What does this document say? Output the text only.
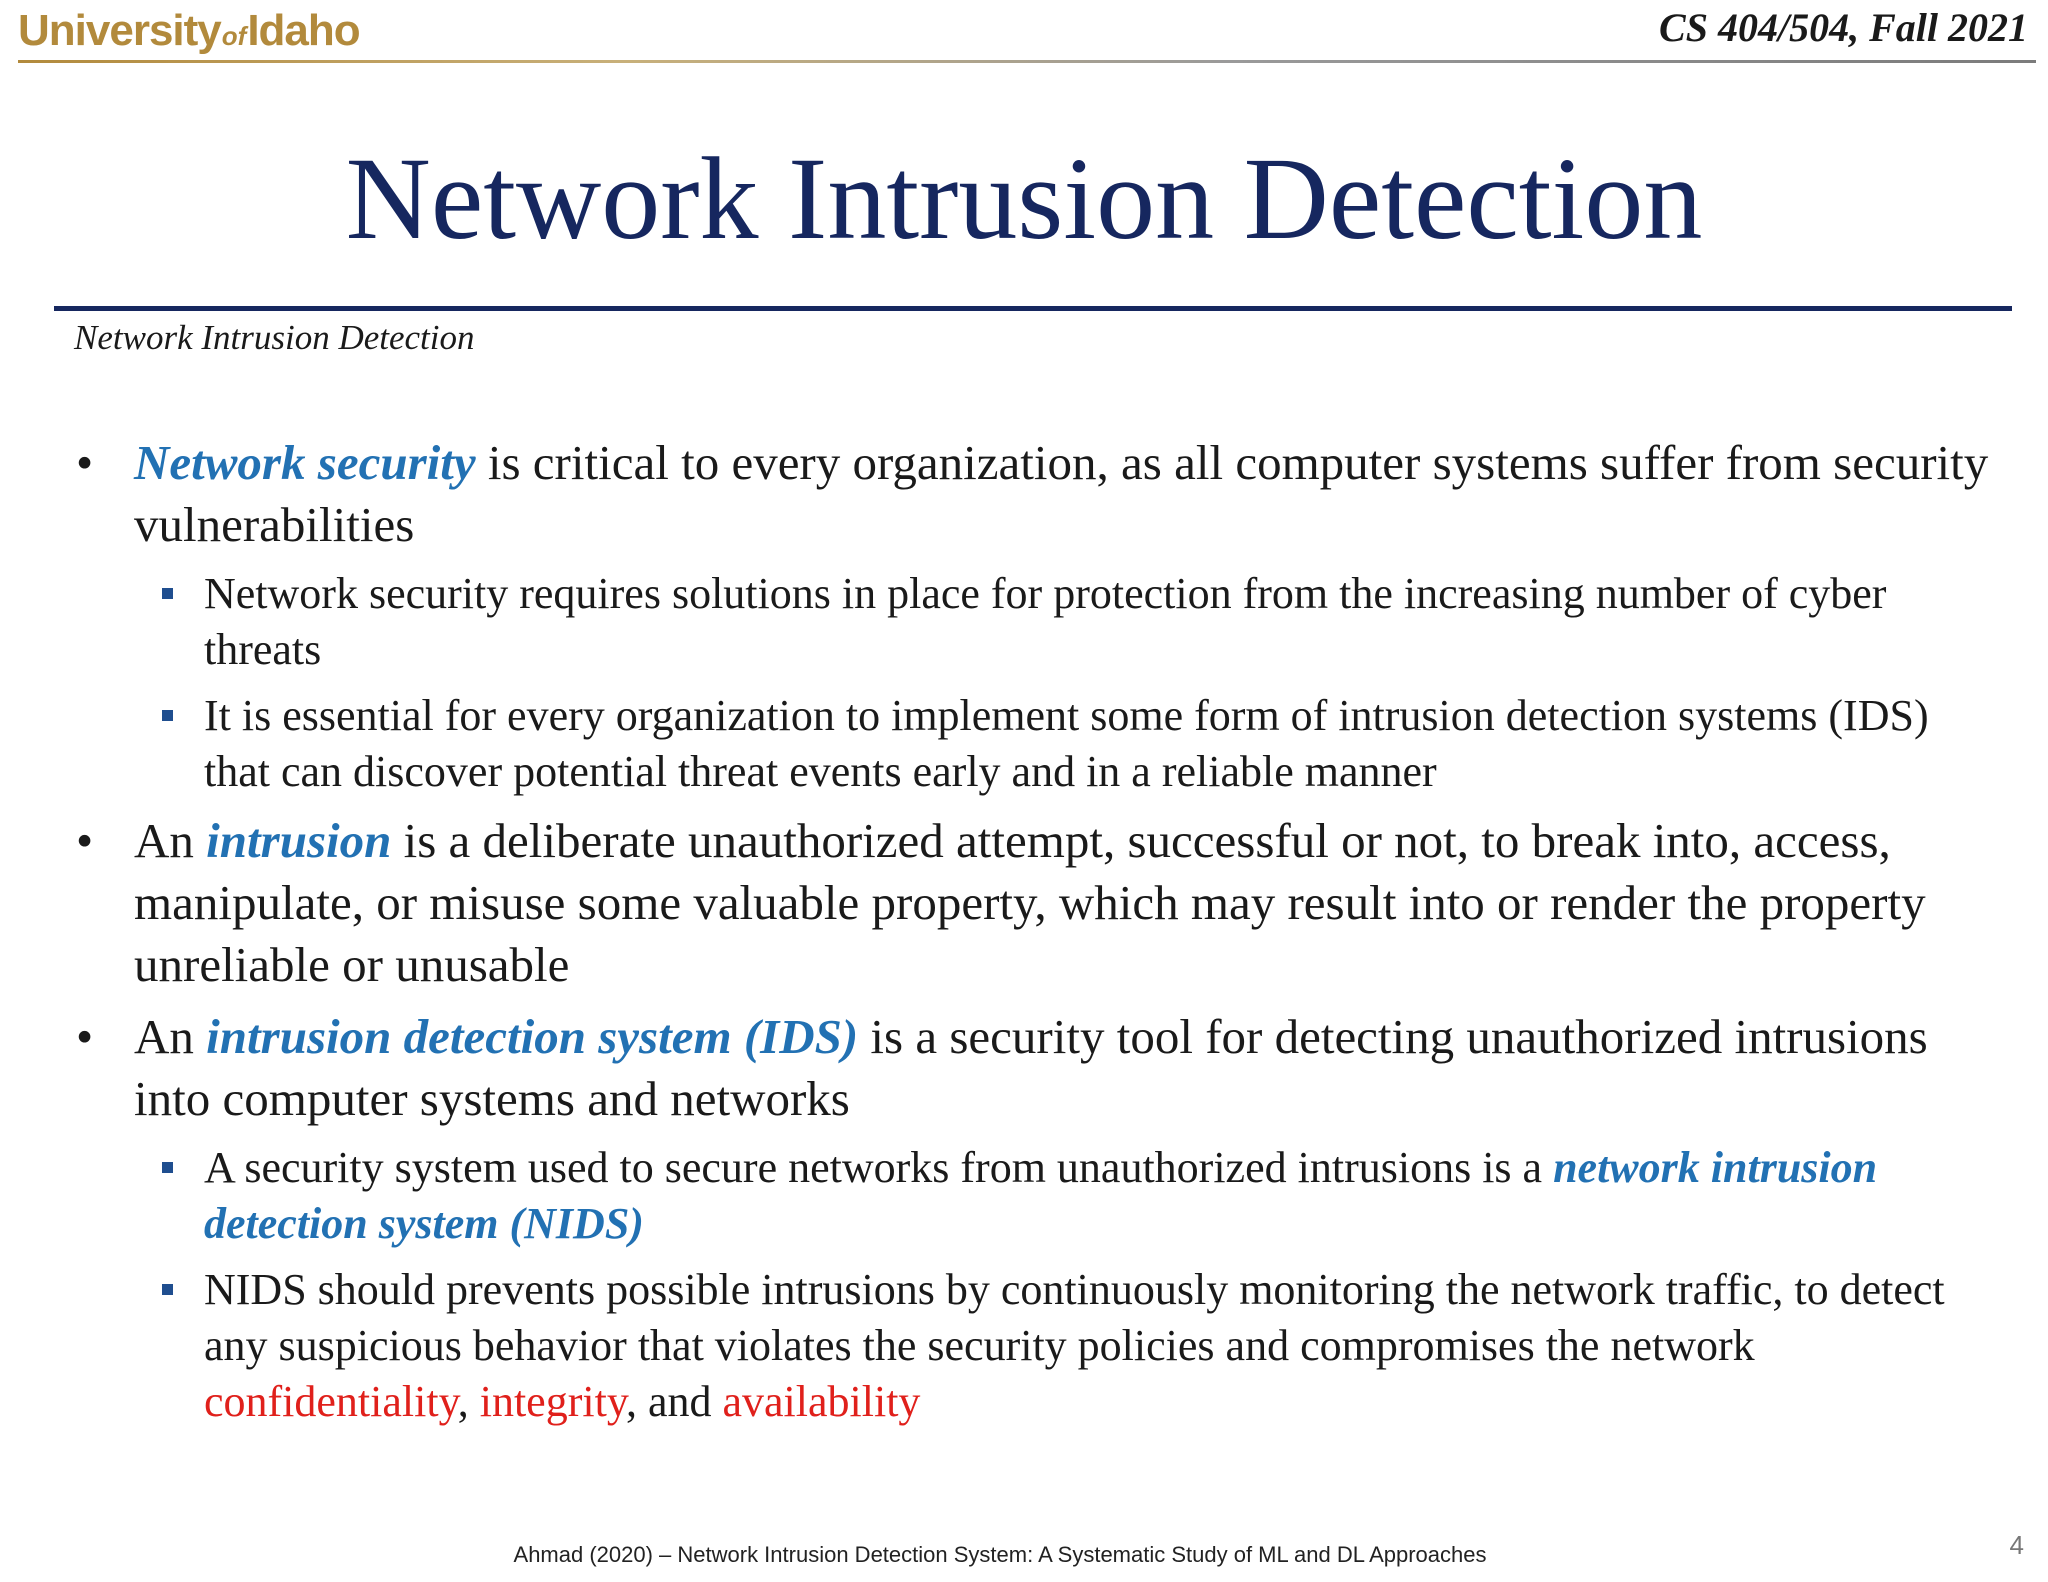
UniversityofIdaho	CS 404/504, Fall 2021
Network Intrusion Detection
Network Intrusion Detection
• Network security is critical to every organization, as all computer systems suffer from security vulnerabilities
Network security requires solutions in place for protection from the increasing number of cyber threats
It is essential for every organization to implement some form of intrusion detection systems (IDS) that can discover potential threat events early and in a reliable manner
• An intrusion is a deliberate unauthorized attempt, successful or not, to break into, access, manipulate, or misuse some valuable property, which may result into or render the property unreliable or unusable
• An intrusion detection system (IDS) is a security tool for detecting unauthorized intrusions into computer systems and networks
A security system used to secure networks from unauthorized intrusions is a network intrusion detection system (NIDS)
NIDS should prevents possible intrusions by continuously monitoring the network traffic, to detect any suspicious behavior that violates the security policies and compromises the network confidentiality, integrity, and availability
Ahmad (2020) – Network Intrusion Detection System: A Systematic Study of ML and DL Approaches	4
